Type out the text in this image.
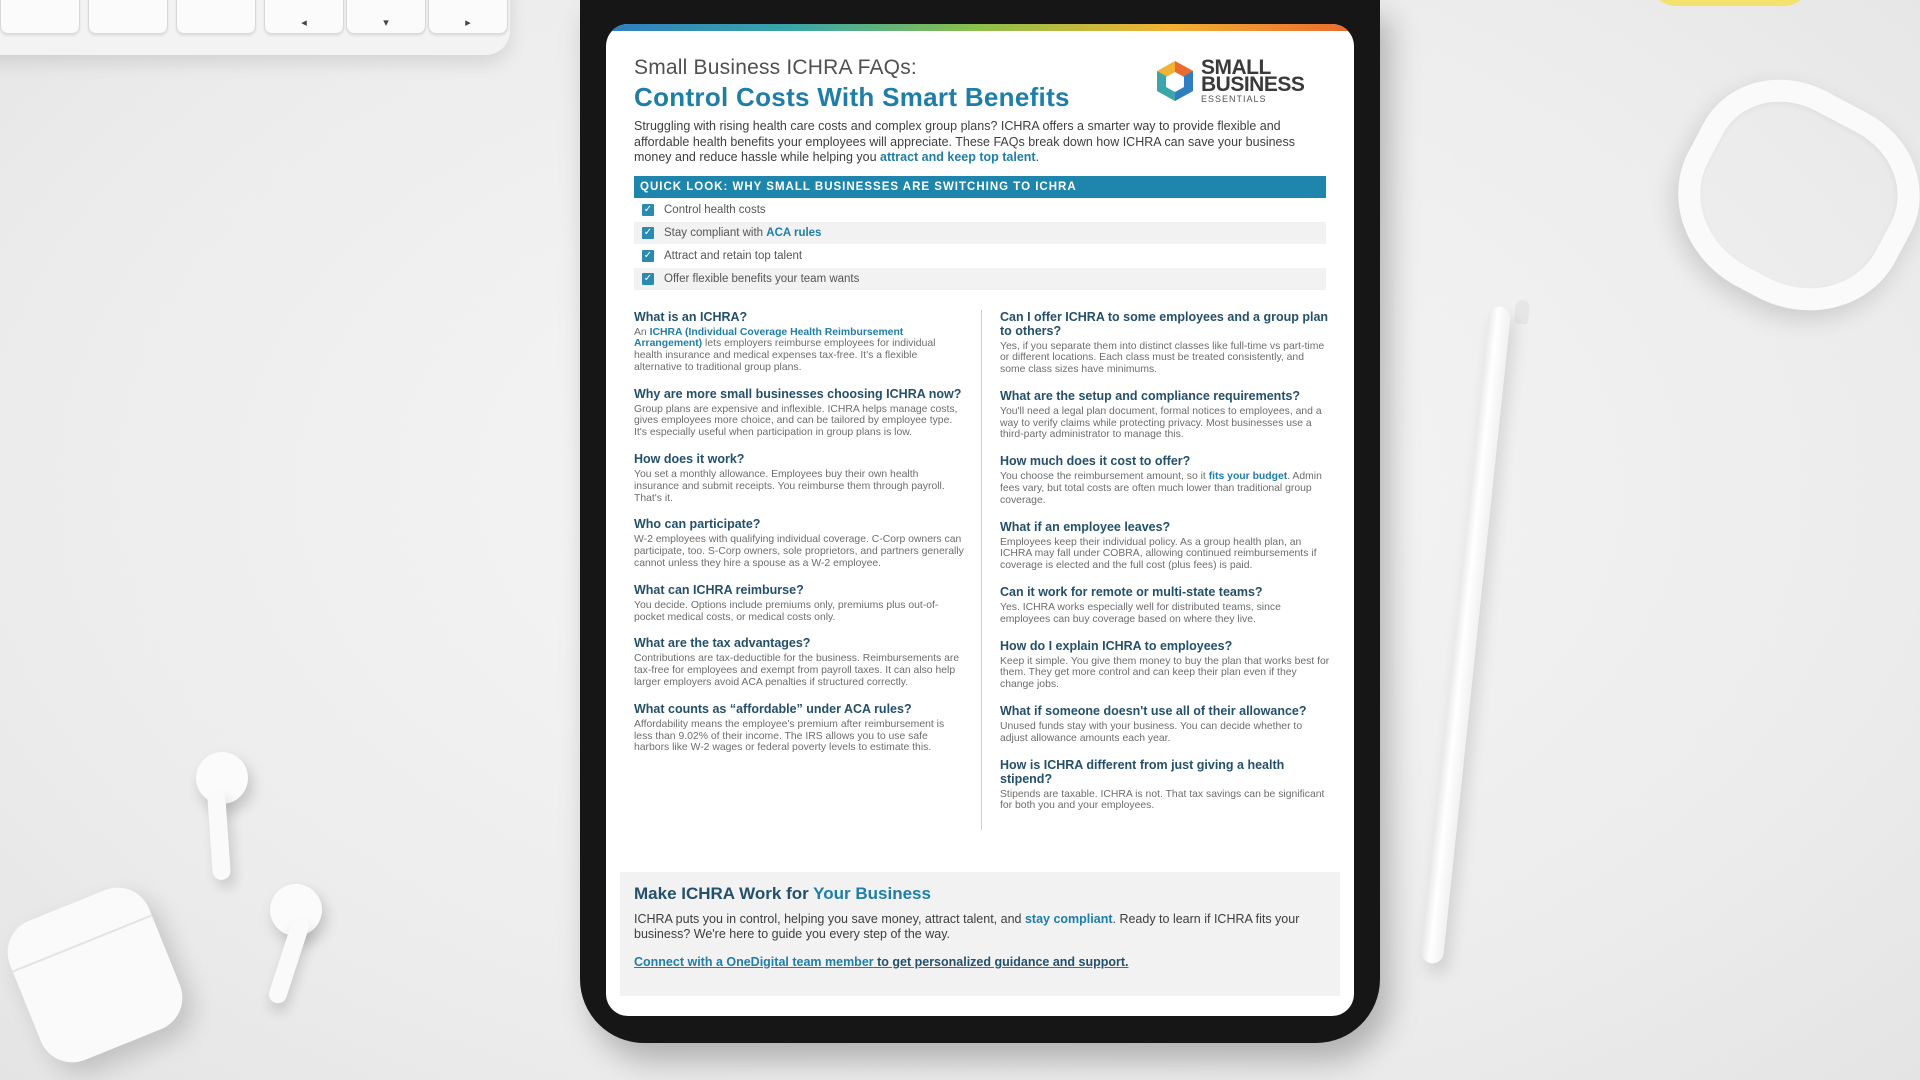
◂	▾	▸
SMALL
BUSINESS
ESSENTIALS
Small Business ICHRA FAQs:
Control Costs With Smart Benefits
Struggling with rising health care costs and complex group plans? ICHRA offers a smarter way to provide flexible and affordable health benefits your employees will appreciate. These FAQs break down how ICHRA can save your business money and reduce hassle while helping you attract and keep top talent.
QUICK LOOK: WHY SMALL BUSINESSES ARE SWITCHING TO ICHRA
✓ Control health costs
✓ Stay compliant with
ACA rules
✓ Attract and retain top talent
✓ Offer flexible benefits your team wants
What is an ICHRA?
An ICHRA (Individual Coverage Health Reimbursement Arrangement) lets employers reimburse employees for individual health insurance and medical expenses tax-free. It's a flexible alternative to traditional group plans.
Why are more small businesses choosing ICHRA now?
Group plans are expensive and inflexible. ICHRA helps manage costs, gives employees more choice, and can be tailored by employee type. It's especially useful when participation in group plans is low.
How does it work?
You set a monthly allowance. Employees buy their own health insurance and submit receipts. You reimburse them through payroll. That's it.
Who can participate?
W-2 employees with qualifying individual coverage. C-Corp owners can participate, too. S-Corp owners, sole proprietors, and partners generally cannot unless they hire a spouse as a W-2 employee.
What can ICHRA reimburse?
You decide. Options include premiums only, premiums plus out-of-pocket medical costs, or medical costs only.
What are the tax advantages?
Contributions are tax-deductible for the business. Reimbursements are tax-free for employees and exempt from payroll taxes. It can also help larger employers avoid ACA penalties if structured correctly.
What counts as “affordable” under ACA rules?
Affordability means the employee's premium after reimbursement is less than 9.02% of their income. The IRS allows you to use safe harbors like W-2 wages or federal poverty levels to estimate this.
Can I offer ICHRA to some employees and a group plan to others?
Yes, if you separate them into distinct classes like full-time vs part-time or different locations. Each class must be treated consistently, and some class sizes have minimums.
What are the setup and compliance requirements?
You'll need a legal plan document, formal notices to employees, and a way to verify claims while protecting privacy. Most businesses use a third-party administrator to manage this.
How much does it cost to offer?
You choose the reimbursement amount, so it fits your budget. Admin fees vary, but total costs are often much lower than traditional group coverage.
What if an employee leaves?
Employees keep their individual policy. As a group health plan, an ICHRA may fall under COBRA, allowing continued reimbursements if coverage is elected and the full cost (plus fees) is paid.
Can it work for remote or multi-state teams?
Yes. ICHRA works especially well for distributed teams, since employees can buy coverage based on where they live.
How do I explain ICHRA to employees?
Keep it simple. You give them money to buy the plan that works best for them. They get more control and can keep their plan even if they change jobs.
What if someone doesn't use all of their allowance?
Unused funds stay with your business. You can decide whether to adjust allowance amounts each year.
How is ICHRA different from just giving a health stipend?
Stipends are taxable. ICHRA is not. That tax savings can be significant for both you and your employees.
Make ICHRA Work for Your Business
ICHRA puts you in control, helping you save money, attract talent, and stay compliant. Ready to learn if ICHRA fits your business? We're here to guide you every step of the way.
Connect with a OneDigital team member to get personalized guidance and support.
